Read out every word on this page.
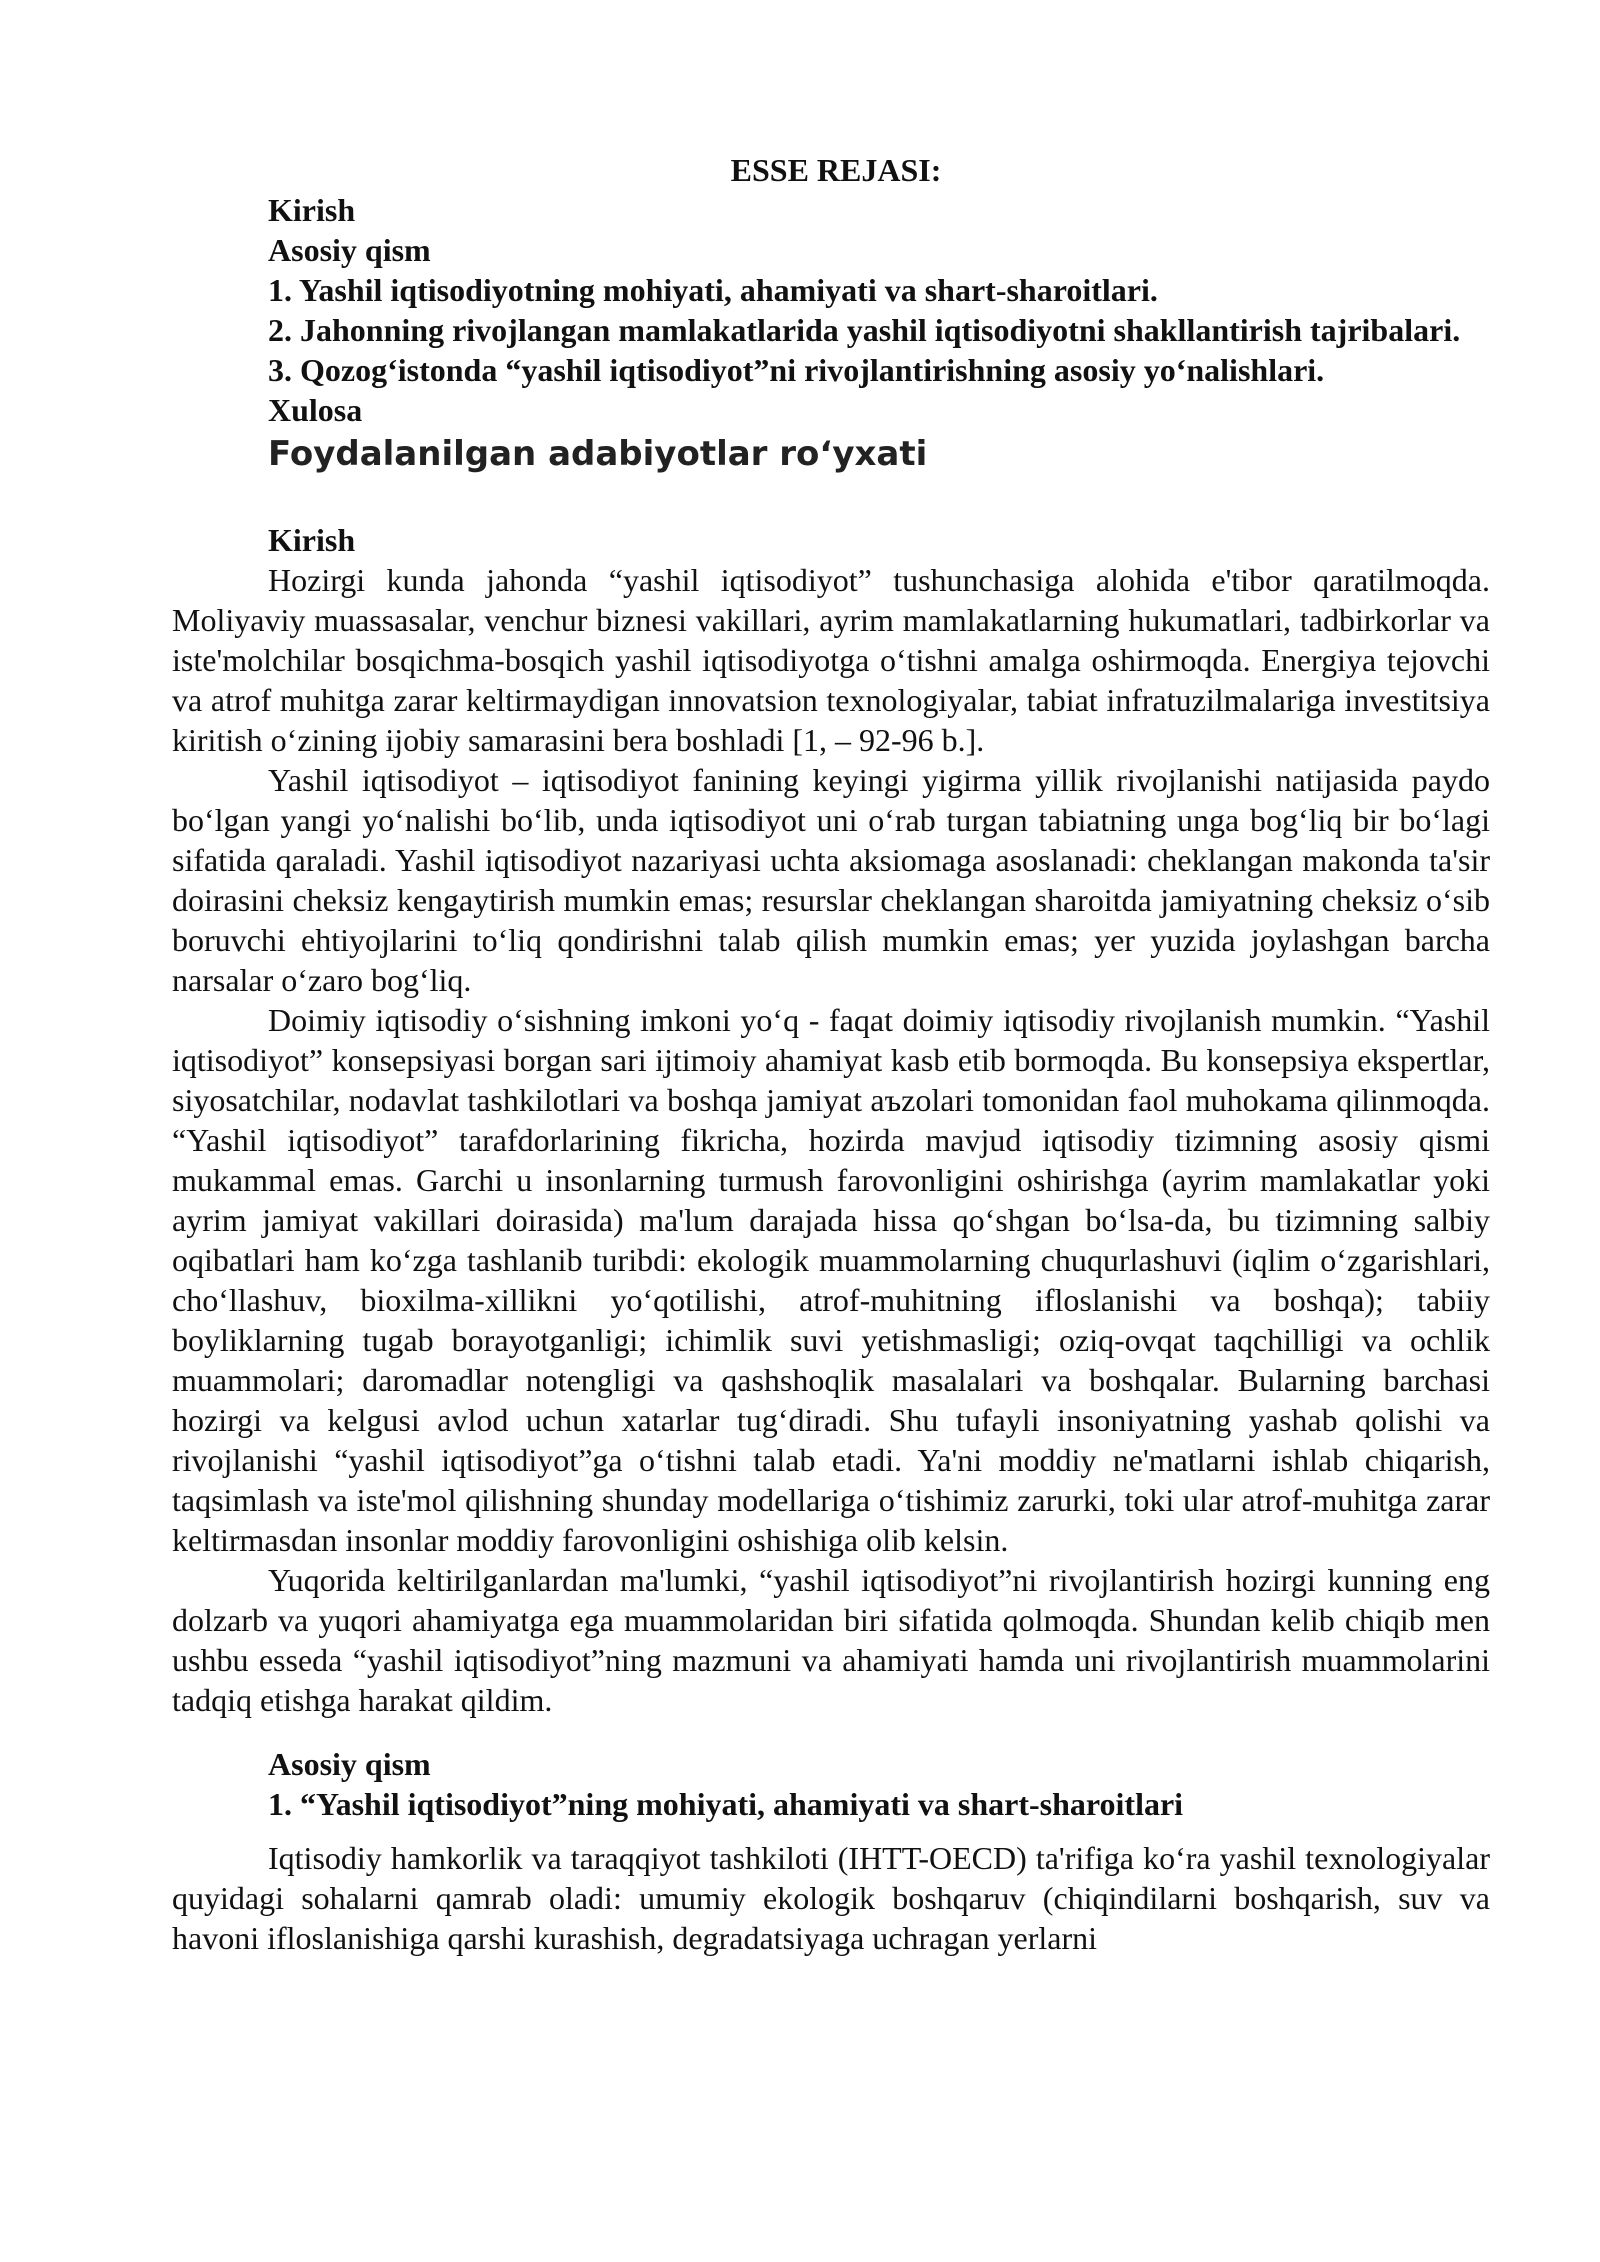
ESSE REJASI:
Kirish
Asosiy qism
1. Yashil iqtisodiyotning mohiyati, ahamiyati va shart-sharoitlari.
2. Jahonning rivojlangan mamlakatlarida yashil iqtisodiyotni shakllantirish tajribalari.
3. Qozog‘istonda “yashil iqtisodiyot”ni rivojlantirishning asosiy yo‘nalishlari.
Xulosa
Foydalanilgan adabiyotlar ro‘yxati
Kirish

Hozirgi kunda jahonda “yashil iqtisodiyot” tushunchasiga alohida e'tibor qaratilmoqda. Moliyaviy muassasalar, venchur biznesi vakillari, ayrim mamlakatlarning hukumatlari, tadbirkorlar va iste'molchilar bosqichma-bosqich yashil iqtisodiyotga o‘tishni amalga oshirmoqda. Energiya tejovchi va atrof muhitga zarar keltirmaydigan innovatsion texnologiyalar, tabiat infratuzilmalariga investitsiya kiritish o‘zining ijobiy samarasini bera boshladi [1, – 92-96 b.].

Yashil iqtisodiyot – iqtisodiyot fanining keyingi yigirma yillik rivojlanishi natijasida paydo bo‘lgan yangi yo‘nalishi bo‘lib, unda iqtisodiyot uni o‘rab turgan tabiatning unga bog‘liq bir bo‘lagi sifatida qaraladi. Yashil iqtisodiyot nazariyasi uchta aksiomaga asoslanadi: cheklangan makonda ta'sir doirasini cheksiz kengaytirish mumkin emas; resurslar cheklangan sharoitda jamiyatning cheksiz o‘sib boruvchi ehtiyojlarini to‘liq qondirishni talab qilish mumkin emas; yer yuzida joylashgan barcha narsalar o‘zaro bog‘liq.

Doimiy iqtisodiy o‘sishning imkoni yo‘q - faqat doimiy iqtisodiy rivojlanish mumkin. “Yashil iqtisodiyot” konsepsiyasi borgan sari ijtimoiy ahamiyat kasb etib bormoqda. Bu konsepsiya ekspertlar, siyosatchilar, nodavlat tashkilotlari va boshqa jamiyat aъzolari tomonidan faol muhokama qilinmoqda. “Yashil iqtisodiyot” tarafdorlarining fikricha, hozirda mavjud iqtisodiy tizimning asosiy qismi mukammal emas. Garchi u insonlarning turmush farovonligini oshirishga (ayrim mamlakatlar yoki ayrim jamiyat vakillari doirasida) ma'lum darajada hissa qo‘shgan bo‘lsa-da, bu tizimning salbiy oqibatlari ham ko‘zga tashlanib turibdi: ekologik muammolarning chuqurlashuvi (iqlim o‘zgarishlari, cho‘llashuv, bioxilma-xillikni yo‘qotilishi, atrof-muhitning ifloslanishi va boshqa); tabiiy boyliklarning tugab borayotganligi; ichimlik suvi yetishmasligi; oziq-ovqat taqchilligi va ochlik muammolari; daromadlar notengligi va qashshoqlik masalalari va boshqalar. Bularning barchasi hozirgi va kelgusi avlod uchun xatarlar tug‘diradi. Shu tufayli insoniyatning yashab qolishi va rivojlanishi “yashil iqtisodiyot”ga o‘tishni talab etadi. Ya'ni moddiy ne'matlarni ishlab chiqarish, taqsimlash va iste'mol qilishning shunday modellariga o‘tishimiz zarurki, toki ular atrof-muhitga zarar keltirmasdan insonlar moddiy farovonligini oshishiga olib kelsin.

Yuqorida keltirilganlardan ma'lumki, “yashil iqtisodiyot”ni rivojlantirish hozirgi kunning eng dolzarb va yuqori ahamiyatga ega muammolaridan biri sifatida qolmoqda. Shundan kelib chiqib men ushbu esseda “yashil iqtisodiyot”ning mazmuni va ahamiyati hamda uni rivojlantirish muammolarini tadqiq etishga harakat qildim.

Asosiy qism
1. “Yashil iqtisodiyot”ning mohiyati, ahamiyati va shart-sharoitlari

Iqtisodiy hamkorlik va taraqqiyot tashkiloti (IHTT-OECD) ta'rifiga ko‘ra yashil texnologiyalar quyidagi sohalarni qamrab oladi: umumiy ekologik boshqaruv (chiqindilarni boshqarish, suv va havoni ifloslanishiga qarshi kurashish, degradatsiyaga uchragan yerlarni
